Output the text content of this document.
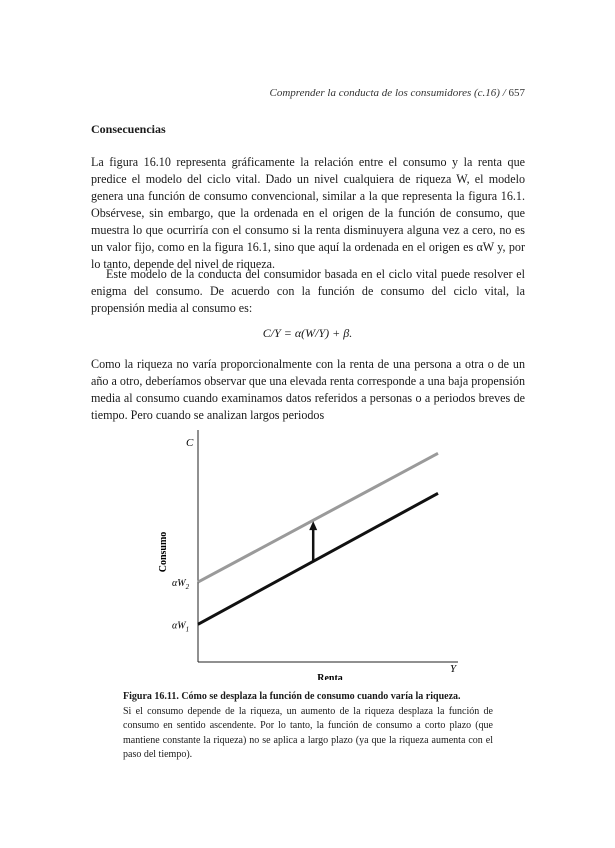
Comprender la conducta de los consumidores (c.16) / 657
Consecuencias

La figura 16.10 representa gráficamente la relación entre el consumo y la renta que predice el modelo del ciclo vital. Dado un nivel cualquiera de riqueza W, el modelo genera una función de consumo convencional, similar a la que representa la figura 16.1. Obsérvese, sin embargo, que la ordenada en el origen de la función de consumo, que muestra lo que ocurriría con el consumo si la renta disminuyera alguna vez a cero, no es un valor fijo, como en la figura 16.1, sino que aquí la ordenada en el origen es αW y, por lo tanto, depende del nivel de riqueza.

Este modelo de la conducta del consumidor basada en el ciclo vital puede resolver el enigma del consumo. De acuerdo con la función de consumo del ciclo vital, la propensión media al consumo es:

C/Y = α(W/Y) + β.

Como la riqueza no varía proporcionalmente con la renta de una persona a otra o de un año a otro, deberíamos observar que una elevada renta corresponde a una baja propensión media al consumo cuando examinamos datos referidos a personas o a periodos breves de tiempo. Pero cuando se analizan largos periodos

C
Y
Renta
Consumo
$\alpha W_2$
$\alpha W_1$
Figura 16.11. Cómo se desplaza la función de consumo cuando varía la riqueza.
Si el consumo depende de la riqueza, un aumento de la riqueza desplaza la función de consumo en sentido ascendente. Por lo tanto, la función de consumo a corto plazo (que mantiene constante la riqueza) no se aplica a largo plazo (ya que la riqueza aumenta con el paso del tiempo).
